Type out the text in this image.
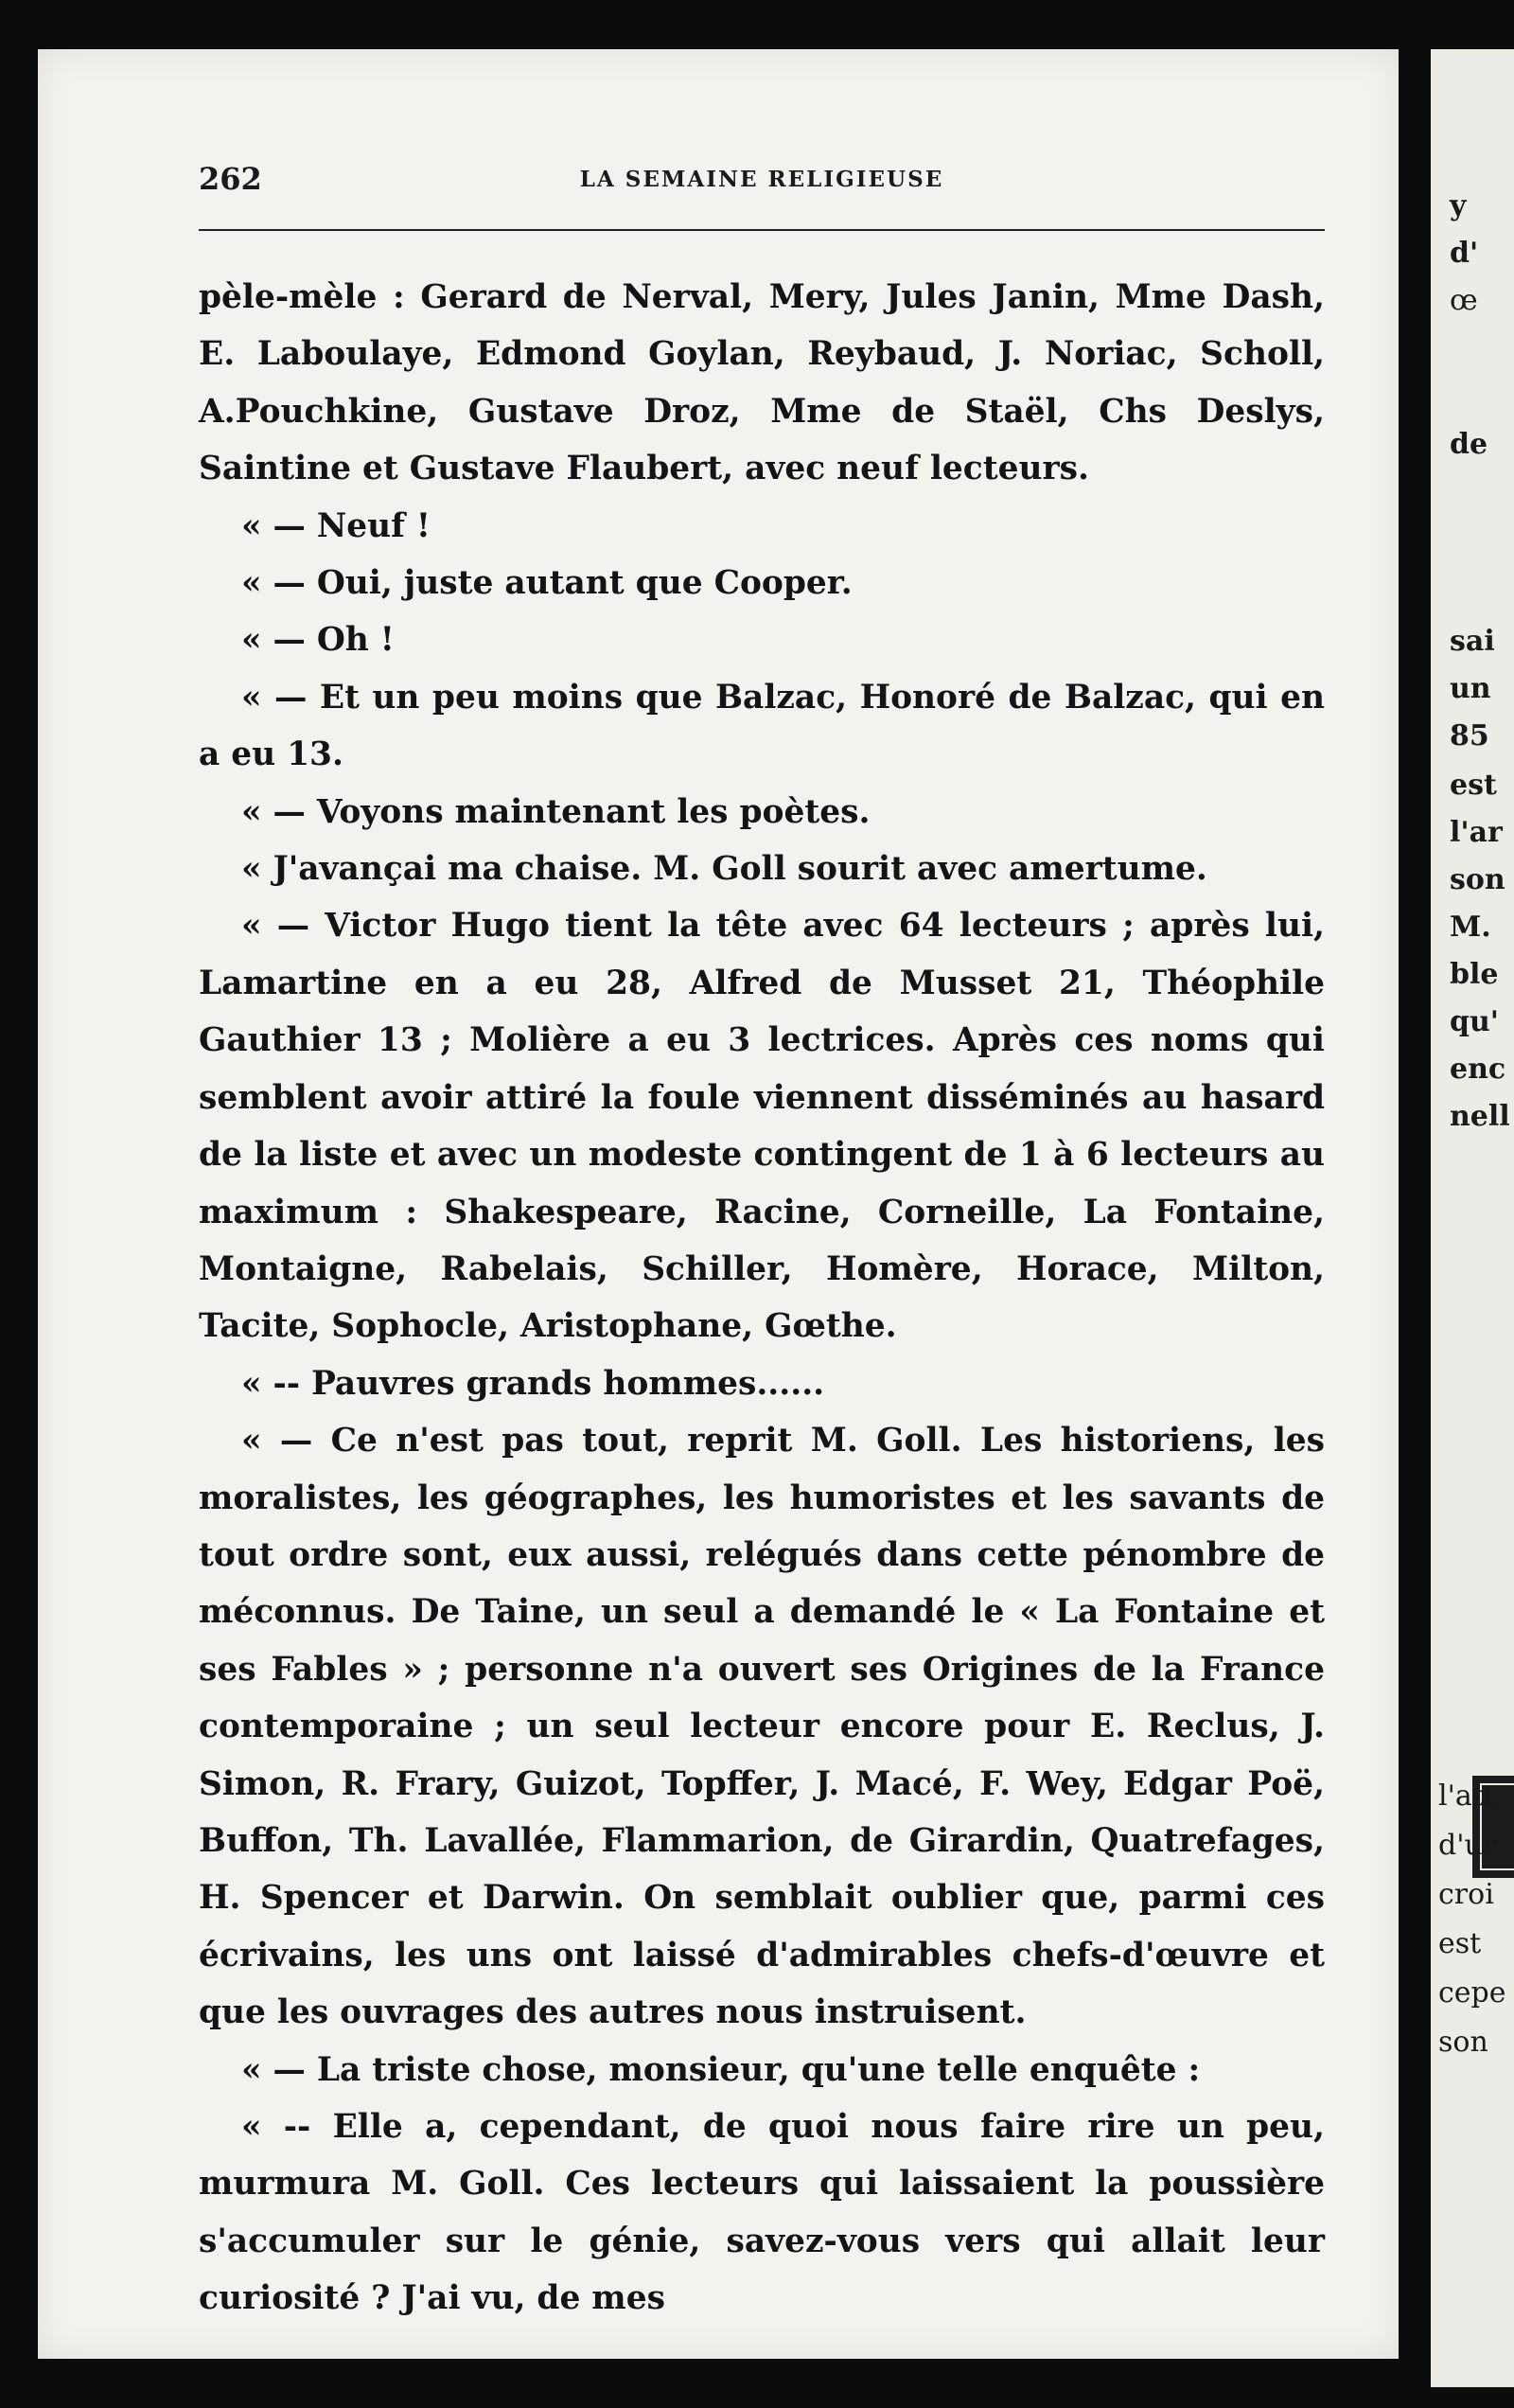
262	LA SEMAINE RELIGIEUSE

pèle-mèle : Gerard de Nerval, Mery, Jules Janin, Mme Dash, E. Laboulaye, Edmond Goylan, Reybaud, J. Noriac, Scholl, A.Pouchkine, Gustave Droz, Mme de Staël, Chs Deslys, Saintine et Gustave Flaubert, avec neuf lecteurs.

« — Neuf !

« — Oui, juste autant que Cooper.

« — Oh !

« — Et un peu moins que Balzac, Honoré de Balzac, qui en a eu 13.

« — Voyons maintenant les poètes.

« J'avançai ma chaise. M. Goll sourit avec amertume.

« — Victor Hugo tient la tête avec 64 lecteurs ; après lui, Lamartine en a eu 28, Alfred de Musset 21, Théophile Gauthier 13 ; Molière a eu 3 lectrices. Après ces noms qui semblent avoir attiré la foule viennent disséminés au hasard de la liste et avec un modeste contingent de 1 à 6 lecteurs au maximum : Shakespeare, Racine, Corneille, La Fontaine, Montaigne, Rabelais, Schiller, Homère, Horace, Milton, Tacite, Sophocle, Aristophane, Gœthe.

« -- Pauvres grands hommes......

« — Ce n'est pas tout, reprit M. Goll. Les historiens, les moralistes, les géographes, les humoristes et les savants de tout ordre sont, eux aussi, relégués dans cette pénombre de méconnus. De Taine, un seul a demandé le « La Fontaine et ses Fables » ; personne n'a ouvert ses Origines de la France contemporaine ; un seul lecteur encore pour E. Reclus, J. Simon, R. Frary, Guizot, Topffer, J. Macé, F. Wey, Edgar Poë, Buffon, Th. Lavallée, Flammarion, de Girardin, Quatrefages, H. Spencer et Darwin. On semblait oublier que, parmi ces écrivains, les uns ont laissé d'admirables chefs-d'œuvre et que les ouvrages des autres nous instruisent.

« — La triste chose, monsieur, qu'une telle enquête :

« -- Elle a, cependant, de quoi nous faire rire un peu, murmura M. Goll. Ces lecteurs qui laissaient la poussière s'accumuler sur le génie, savez-vous vers qui allait leur curiosité ? J'ai vu, de mes

y
d'
œ
de
sai
un
85
est
l'ar
son
M.
ble
qu'
enc
nell
l'att
d'ur
croi
est
cepe
son
